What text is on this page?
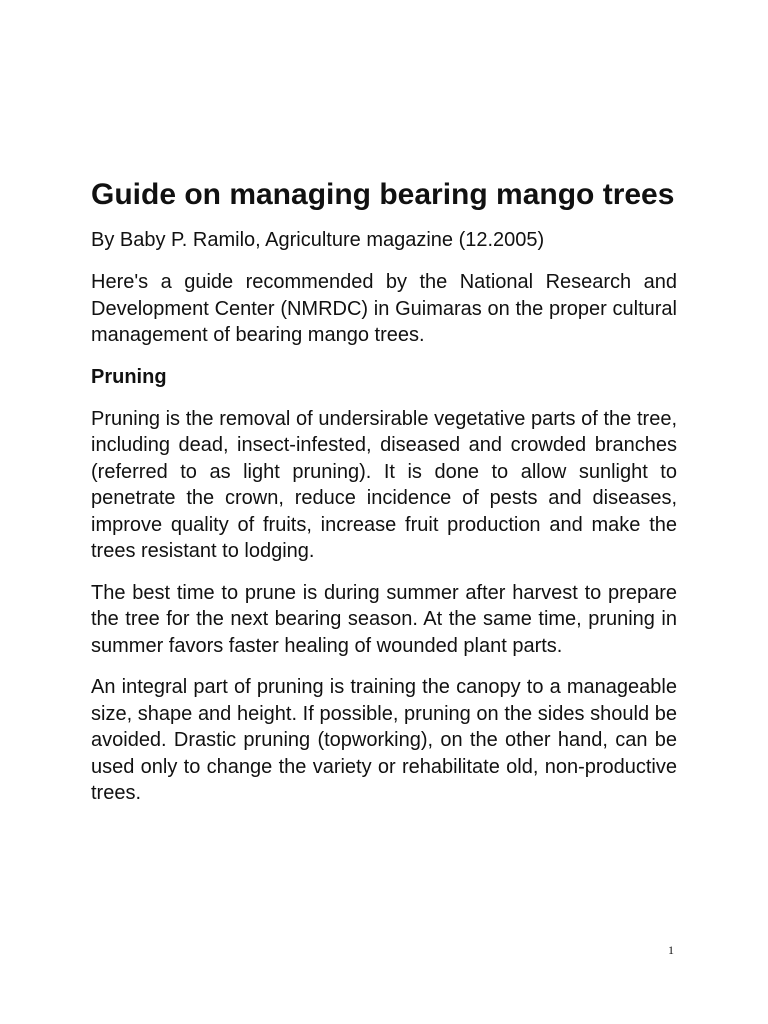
Guide on managing bearing mango trees

By Baby P. Ramilo, Agriculture magazine (12.2005)

Here's a guide recommended by the National Research and Development Center (NMRDC) in Guimaras on the proper cultural management of bearing mango trees.

Pruning

Pruning is the removal of undersirable vegetative parts of the tree, including dead, insect-infested, diseased and crowded branches (referred to as light pruning). It is done to allow sunlight to penetrate the crown, reduce incidence of pests and diseases, improve quality of fruits, increase fruit production and make the trees resistant to lodging.

The best time to prune is during summer after harvest to prepare the tree for the next bearing season. At the same time, pruning in summer favors faster healing of wounded plant parts.

An integral part of pruning is training the canopy to a manageable size, shape and height. If possible, pruning on the sides should be avoided. Drastic pruning (topworking), on the other hand, can be used only to change the variety or rehabilitate old, non-productive trees.

1
